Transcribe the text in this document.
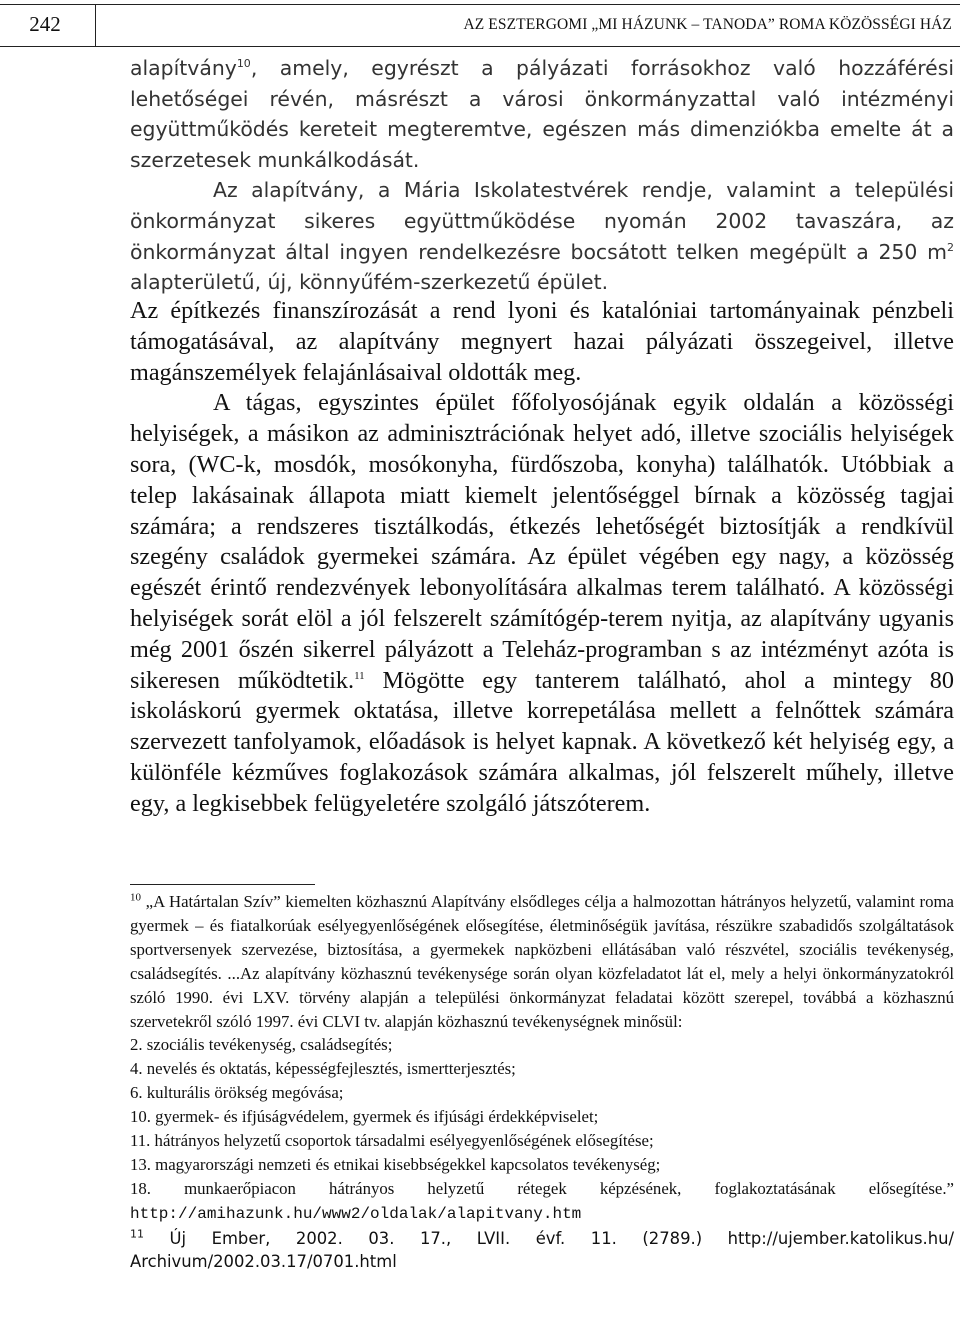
242	AZ ESZTERGOMI „MI HÁZUNK – TANODA” ROMA KÖZÖSSÉGI HÁZ

alapítvány$^{10}$, amely, egyrészt a pályázati forrásokhoz való hozzáférési lehetőségei révén, másrészt a városi önkormányzattal való intézményi együttműködés kereteit megteremtve, egészen más dimenziókba emelte át a szerzetesek munkálkodását.

Az alapítvány, a Mária Iskolatestvérek rendje, valamint a települési önkormányzat sikeres együttműködése nyomán 2002 tavaszára, az önkormányzat által ingyen rendelkezésre bocsátott telken megépült a 250 m$^2$ alapterületű, új, könnyűfém-szerkezetű épület.

Az építkezés finanszírozását a rend lyoni és katalóniai tartományainak pénzbeli támogatásával, az alapítvány megnyert hazai pályázati összegeivel, illetve magánszemélyek felajánlásaival oldották meg.

A tágas, egyszintes épület főfolyosójának egyik oldalán a közösségi helyiségek, a másikon az adminisztrációnak helyet adó, illetve szociális helyiségek sora, (WC-k, mosdók, mosókonyha, fürdőszoba, konyha) találhatók. Utóbbiak a telep lakásainak állapota miatt kiemelt jelentőséggel bírnak a közösség tagjai számára; a rendszeres tisztálkodás, étkezés lehetőségét biztosítják a rendkívül szegény családok gyermekei számára. Az épület végében egy nagy, a közösség egészét érintő rendezvények lebonyolítására alkalmas terem található. A közösségi helyiségek sorát elöl a jól felszerelt számítógép-terem nyitja, az alapítvány ugyanis még 2001 őszén sikerrel pályázott a Teleház-programban s az intézményt azóta is sikeresen működtetik.$^{11}$ Mögötte egy tanterem található, ahol a mintegy 80 iskoláskorú gyermek oktatása, illetve korrepetálása mellett a felnőttek számára szervezett tanfolyamok, előadások is helyet kapnak. A következő két helyiség egy, a különféle kézműves foglakozások számára alkalmas, jól felszerelt műhely, illetve egy, a legkisebbek felügyeletére szolgáló játszóterem.

$^{10}$ „A Határtalan Szív” kiemelten közhasznú Alapítvány elsődleges célja a halmozottan hátrányos helyzetű, valamint roma gyermek – és fiatalkorúak esélyegyenlőségének elősegítése, életminőségük javítása, részükre szabadidős szolgáltatások sportversenyek szervezése, biztosítása, a gyermekek napközbeni ellátásában való részvétel, szociális tevékenység, családsegítés. ...Az alapítvány közhasznú tevékenysége során olyan közfeladatot lát el, mely a helyi önkormányzatokról szóló 1990. évi LXV. törvény alapján a települési önkormányzat feladatai között szerepel, továbbá a közhasznú szervetekről szóló 1997. évi CLVI tv. alapján közhasznú tevékenységnek minősül:

2. szociális tevékenység, családsegítés;
4. nevelés és oktatás, képességfejlesztés, ismertterjesztés;
6. kulturális örökség megóvása;
10. gyermek- és ifjúságvédelem, gyermek és ifjúsági érdekképviselet;
11. hátrányos helyzetű csoportok társadalmi esélyegyenlőségének elősegítése;
13. magyarországi nemzeti és etnikai kisebbségekkel kapcsolatos tevékenység;

18. munkaerőpiacon hátrányos helyzetű rétegek képzésének, foglakoztatásának elősegítése.” http://amihazunk.hu/www2/oldalak/alapitvany.htm

$^{11}$ Új Ember, 2002. 03. 17., LVII. évf. 11. (2789.) http://ujember.katolikus.hu/ Archivum/2002.03.17/0701.html
